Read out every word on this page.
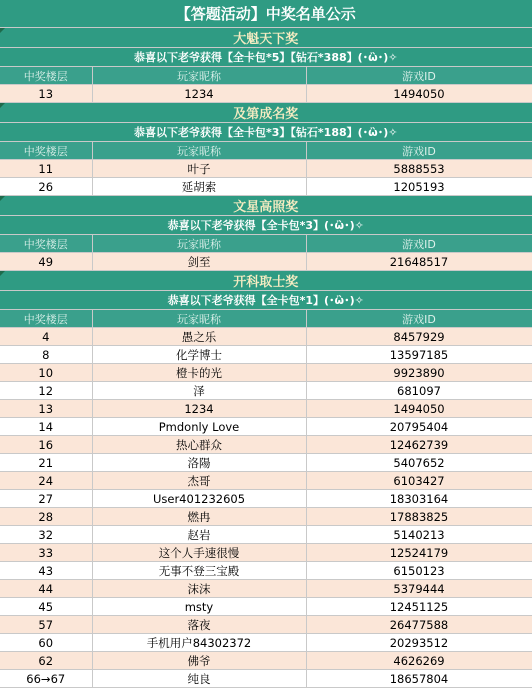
【答题活动】中奖名单公示		
大魁天下奖		

恭喜以下老爷获得【全卡包*5】【钻石*388】(･ὢ･)✧		
中奖楼层	玩家昵称	游戏ID
13	1234	1494050
及第成名奖		

恭喜以下老爷获得【全卡包*3】【钻石*188】(･ὢ･)✧		
中奖楼层	玩家昵称	游戏ID
11	叶子	5888553
26	延胡索	1205193
文星高照奖		

恭喜以下老爷获得【全卡包*3】(･ὢ･)✧		
中奖楼层	玩家昵称	游戏ID
49	剑至	21648517
开科取士奖		

恭喜以下老爷获得【全卡包*1】(･ὢ･)✧		
中奖楼层	玩家昵称	游戏ID
4	愚之乐	8457929
8	化学博士	13597185
10	橙卡的光	9923890
12	泽	681097
13	1234	1494050
14	Pmdonly Love	20795404
16	热心群众	12462739
21	洛陽	5407652
24	杰哥	6103427
27	User401232605	18303164
28	燃冉	17883825
32	赵岩	5140213
33	这个人手速很慢	12524179
43	无事不登三宝殿	6150123
44	沫沫	5379444
45	msty	12451125
57	落夜	26477588
60	手机用户84302372	20293512
62	佛爷	4626269
66→67	纯良	18657804
